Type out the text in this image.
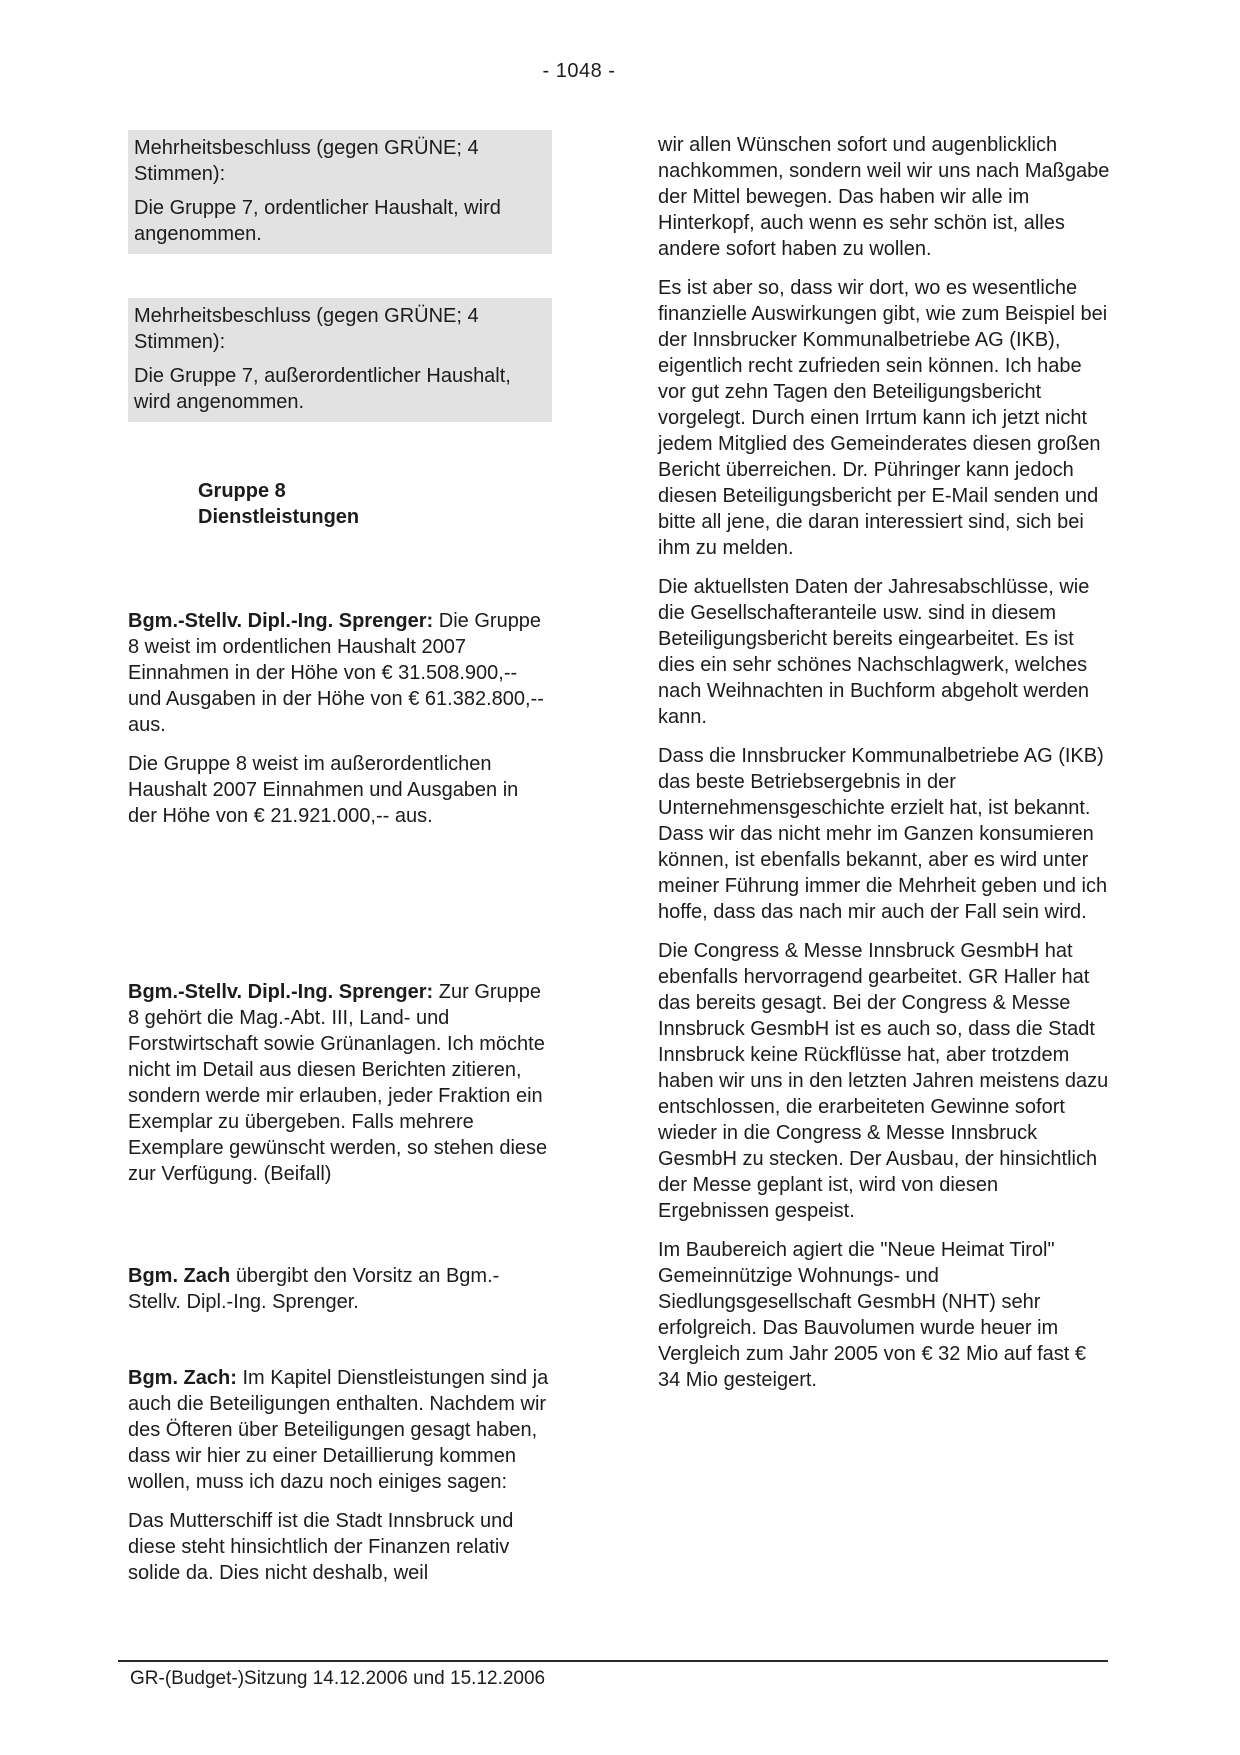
- 1048 -

Mehrheitsbeschluss (gegen GRÜNE; 4 Stimmen):

Die Gruppe 7, ordentlicher Haushalt, wird angenommen.

Mehrheitsbeschluss (gegen GRÜNE; 4 Stimmen):

Die Gruppe 7, außerordentlicher Haushalt, wird angenommen.

Gruppe 8
Dienstleistungen

Bgm.-Stellv. Dipl.-Ing. Sprenger: Die Gruppe 8 weist im ordentlichen Haushalt 2007 Einnahmen in der Höhe von € 31.508.900,-- und Ausgaben in der Höhe von € 61.382.800,-- aus.

Die Gruppe 8 weist im außerordentlichen Haushalt 2007 Einnahmen und Ausgaben in der Höhe von € 21.921.000,-- aus.

Bgm.-Stellv. Dipl.-Ing. Sprenger: Zur Gruppe 8 gehört die Mag.-Abt. III, Land- und Forstwirtschaft sowie Grünanlagen. Ich möchte nicht im Detail aus diesen Berichten zitieren, sondern werde mir erlauben, jeder Fraktion ein Exemplar zu übergeben. Falls mehrere Exemplare gewünscht werden, so stehen diese zur Verfügung. (Beifall)

Bgm. Zach übergibt den Vorsitz an Bgm.-Stellv. Dipl.-Ing. Sprenger.

Bgm. Zach: Im Kapitel Dienstleistungen sind ja auch die Beteiligungen enthalten. Nachdem wir des Öfteren über Beteiligungen gesagt haben, dass wir hier zu einer Detaillierung kommen wollen, muss ich dazu noch einiges sagen:

Das Mutterschiff ist die Stadt Innsbruck und diese steht hinsichtlich der Finanzen relativ solide da. Dies nicht deshalb, weil

wir allen Wünschen sofort und augenblicklich nachkommen, sondern weil wir uns nach Maßgabe der Mittel bewegen. Das haben wir alle im Hinterkopf, auch wenn es sehr schön ist, alles andere sofort haben zu wollen.

Es ist aber so, dass wir dort, wo es wesentliche finanzielle Auswirkungen gibt, wie zum Beispiel bei der Innsbrucker Kommunalbetriebe AG (IKB), eigentlich recht zufrieden sein können. Ich habe vor gut zehn Tagen den Beteiligungsbericht vorgelegt. Durch einen Irrtum kann ich jetzt nicht jedem Mitglied des Gemeinderates diesen großen Bericht überreichen. Dr. Pühringer kann jedoch diesen Beteiligungsbericht per E-Mail senden und bitte all jene, die daran interessiert sind, sich bei ihm zu melden.

Die aktuellsten Daten der Jahresabschlüsse, wie die Gesellschafteranteile usw. sind in diesem Beteiligungsbericht bereits eingearbeitet. Es ist dies ein sehr schönes Nachschlagwerk, welches nach Weihnachten in Buchform abgeholt werden kann.

Dass die Innsbrucker Kommunalbetriebe AG (IKB) das beste Betriebsergebnis in der Unternehmensgeschichte erzielt hat, ist bekannt. Dass wir das nicht mehr im Ganzen konsumieren können, ist ebenfalls bekannt, aber es wird unter meiner Führung immer die Mehrheit geben und ich hoffe, dass das nach mir auch der Fall sein wird.

Die Congress & Messe Innsbruck GesmbH hat ebenfalls hervorragend gearbeitet. GR Haller hat das bereits gesagt. Bei der Congress & Messe Innsbruck GesmbH ist es auch so, dass die Stadt Innsbruck keine Rückflüsse hat, aber trotzdem haben wir uns in den letzten Jahren meistens dazu entschlossen, die erarbeiteten Gewinne sofort wieder in die Congress & Messe Innsbruck GesmbH zu stecken. Der Ausbau, der hinsichtlich der Messe geplant ist, wird von diesen Ergebnissen gespeist.

Im Baubereich agiert die "Neue Heimat Tirol" Gemeinnützige Wohnungs- und Siedlungsgesellschaft GesmbH (NHT) sehr erfolgreich. Das Bauvolumen wurde heuer im Vergleich zum Jahr 2005 von € 32 Mio auf fast € 34 Mio gesteigert.

GR-(Budget-)Sitzung 14.12.2006 und 15.12.2006
